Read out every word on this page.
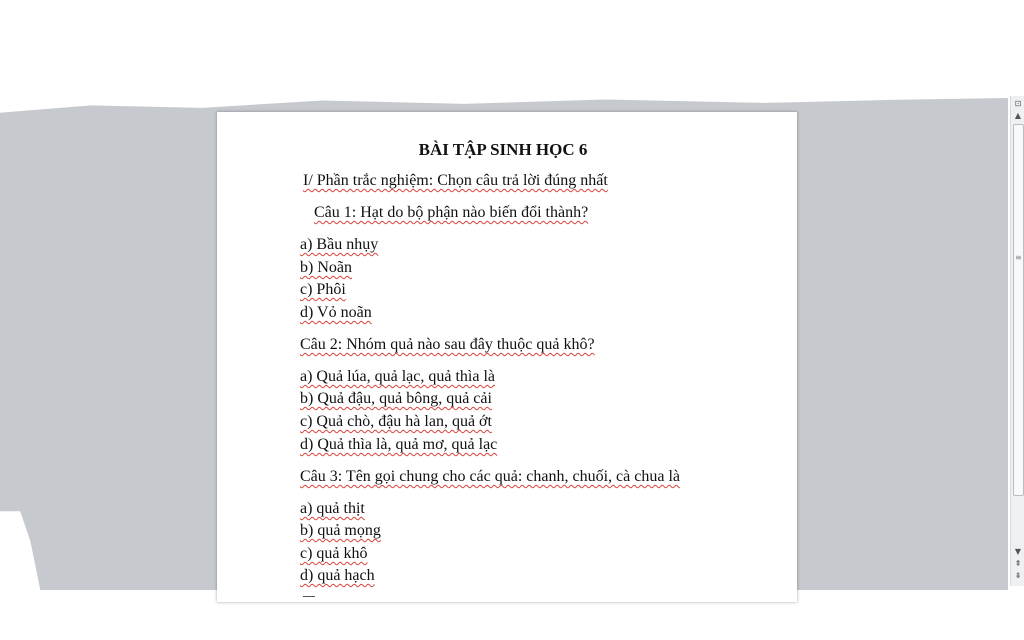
⊡
▲
≡
▼
⇞
⇟
BÀI TẬP SINH HỌC 6
I/ Phần trắc nghiệm: Chọn câu trả lời đúng nhất
Câu 1: Hạt do bộ phận nào biến đổi thành?
a) Bầu nhụy
b) Noãn
c) Phôi
d) Vỏ noãn
Câu 2: Nhóm quả nào sau đây thuộc quả khô?
a) Quả lúa, quả lạc, quả thìa là
b) Quả đậu, quả bông, quả cải
c) Quả chò, đậu hà lan, quả ớt
d) Quả thìa là, quả mơ, quả lạc
Câu 3: Tên gọi chung cho các quả: chanh, chuối, cà chua là
a) quả thịt
b) quả mọng
c) quả khô
d) quả hạch
